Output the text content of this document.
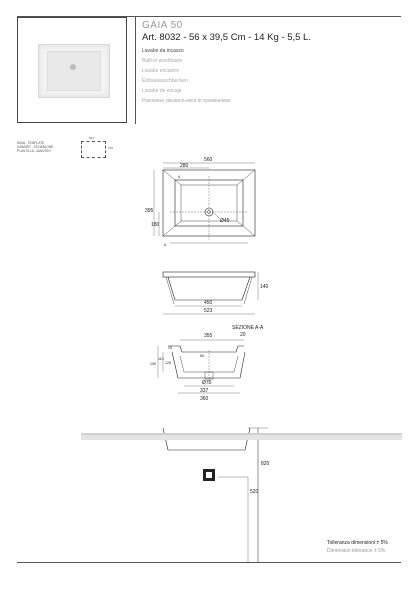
GAIA 50
Art. 8032 - 56 x 39,5 Cm - 14 Kg - 5,5 L.
Lavabo da incasso
Built-in washbasin
Lavabo encastré
Einbauwaschbecken
Lavabo de encaje
Раковина умывальника встраиваемая
DIMA - TEMPLATE
GABARIT - SCHABLONE
PLANTILLA - ШАБЛОН
502
376
560
280
395
180
Ø45
A
A
140
450
523
SEZIONE A-A
20
355
15
65
105
110
125
Ø70
337
360
820
520
Tolleranza dimensioni ± 5%
Dimension tolerance ± 5%
